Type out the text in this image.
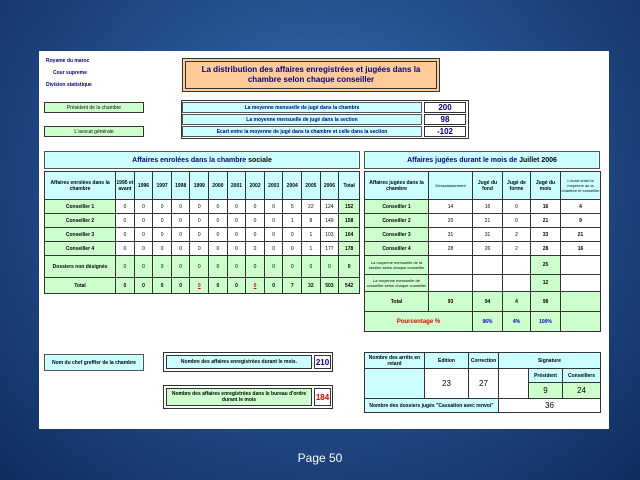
Royame du maroc
Cour supreme
Division statistique
La distribution des affaires enregistrées et jugées dans la chambre selon chaque conseiller
Président de la chambre
L'avocat générale
La moyenne mensuelle de jugé dans la chambre	200
La moyenne mensuelle de jugé dans la section	98
Ecart entre la moyenne de jugé dans la chambre et celle dans la section	-102
Affaires enrolées dans la chambre sociale
Affaires enrolées dans la chambre	1995 et avant	1996	1997	1998	1999	2000	2001	2002	2003	2004	2005	2006	Total
Conseiller 1	0	0	0	0	0	0	0	0	0	5	22	124	152
Conseiller 2	0	0	0	0	0	0	0	0	0	1	8	149	158
Conseiller 3	0	0	0	0	0	0	0	0	0	0	1	103	104
Conseiller 4	0	0	0	0	0	0	0	0	0	0	1	177	178
Dossiers non désignés	0	0	0	0	0	0	0	0	0	0	0	0	0
Total	0	0	0	0	0	0	0	0	0	7	32	503	542
Affaires jugées durant le mois de Juillet 2006
Affaires jugées dans la chambre	Dessaisissement	Jugé du fond	Jugé de forme	Jugé du mois	L'écart entre la moyenne de la chambre et conseiller
Conseiller 1	14	16	0	16	4
Conseiller 2	20	21	0	21	9
Conseiller 3	31	31	2	33	21
Conseiller 4	28	26	2	28	16
La moyenne mensuelle de la section selon chaque conseiller				25	
La moyenne mensuelle de conseiller selon chaque conseiller				12	
Total	93	94	4	98	
Pourcentage %		96%	4%	100%	
Nom du chef greffier de la chambre	Nombre des affaires enregistrées durant le mois. 210
Nombre des affaires enregistrées dans le bureau d'ordre durant le mois	184
Nombre des arrêts en retard	Edition	Correction	Signature		
	23	27		Président	Conseillers
				9	24
Nombre des dossiers jugés "Cassation avec renvoi"			36		
Page 50
